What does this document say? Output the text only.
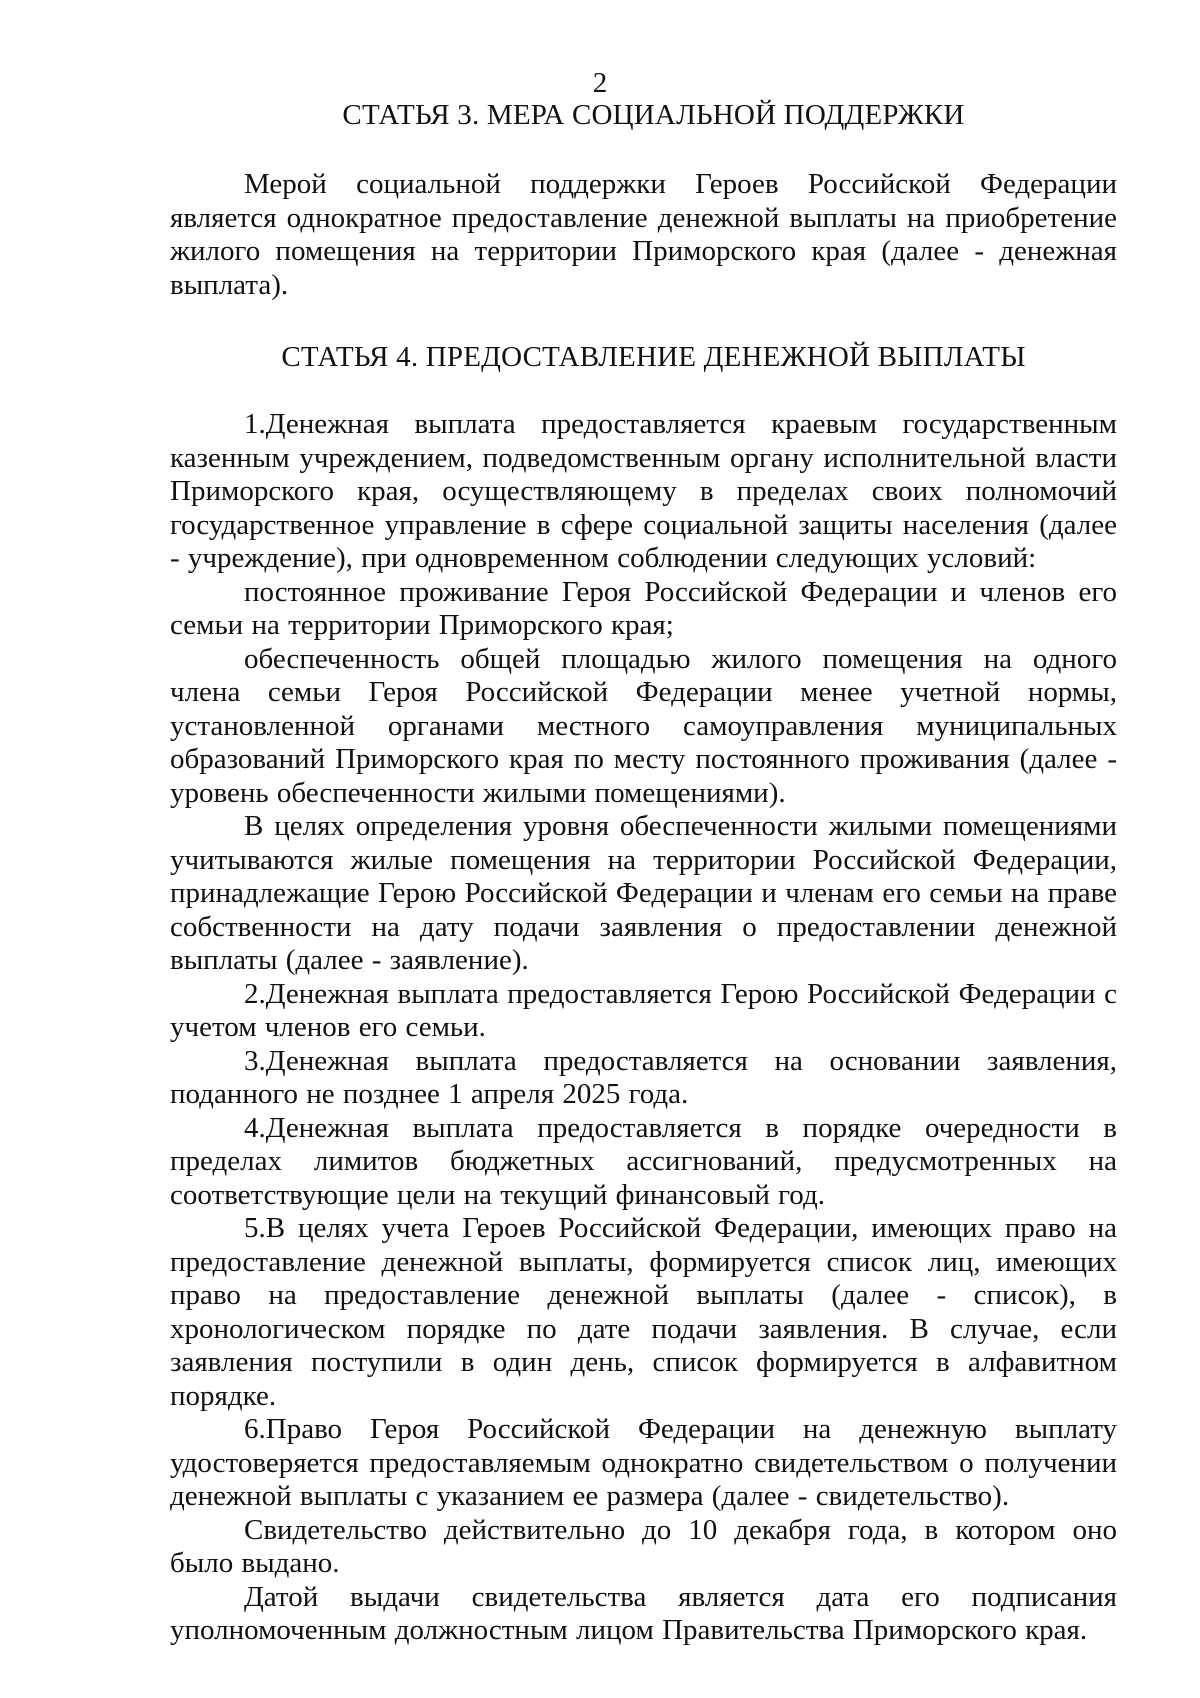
2
СТАТЬЯ 3. МЕРА СОЦИАЛЬНОЙ ПОДДЕРЖКИ

Мерой социальной поддержки Героев Российской Федерации является однократное предоставление денежной выплаты на приобретение жилого помещения на территории Приморского края (далее - денежная выплата).

СТАТЬЯ 4. ПРЕДОСТАВЛЕНИЕ ДЕНЕЖНОЙ ВЫПЛАТЫ

1.Денежная выплата предоставляется краевым государственным казенным учреждением, подведомственным органу исполнительной власти Приморского края, осуществляющему в пределах своих полномочий государственное управление в сфере социальной защиты населения (далее - учреждение), при одновременном соблюдении следующих условий:

постоянное проживание Героя Российской Федерации и членов его семьи на территории Приморского края;

обеспеченность общей площадью жилого помещения на одного члена семьи Героя Российской Федерации менее учетной нормы, установленной органами местного самоуправления муниципальных образований Приморского края по месту постоянного проживания (далее - уровень обеспеченности жилыми помещениями).

В целях определения уровня обеспеченности жилыми помещениями учитываются жилые помещения на территории Российской Федерации, принадлежащие Герою Российской Федерации и членам его семьи на праве собственности на дату подачи заявления о предоставлении денежной выплаты (далее - заявление).

2.Денежная выплата предоставляется Герою Российской Федерации с учетом членов его семьи.

3.Денежная выплата предоставляется на основании заявления, поданного не позднее 1 апреля 2025 года.

4.Денежная выплата предоставляется в порядке очередности в пределах лимитов бюджетных ассигнований, предусмотренных на соответствующие цели на текущий финансовый год.

5.В целях учета Героев Российской Федерации, имеющих право на предоставление денежной выплаты, формируется список лиц, имеющих право на предоставление денежной выплаты (далее - список), в хронологическом порядке по дате подачи заявления. В случае, если заявления поступили в один день, список формируется в алфавитном порядке.

6.Право Героя Российской Федерации на денежную выплату удостоверяется предоставляемым однократно свидетельством о получении денежной выплаты с указанием ее размера (далее - свидетельство).

Свидетельство действительно до 10 декабря года, в котором оно было выдано.

Датой выдачи свидетельства является дата его подписания уполномоченным должностным лицом Правительства Приморского края.
